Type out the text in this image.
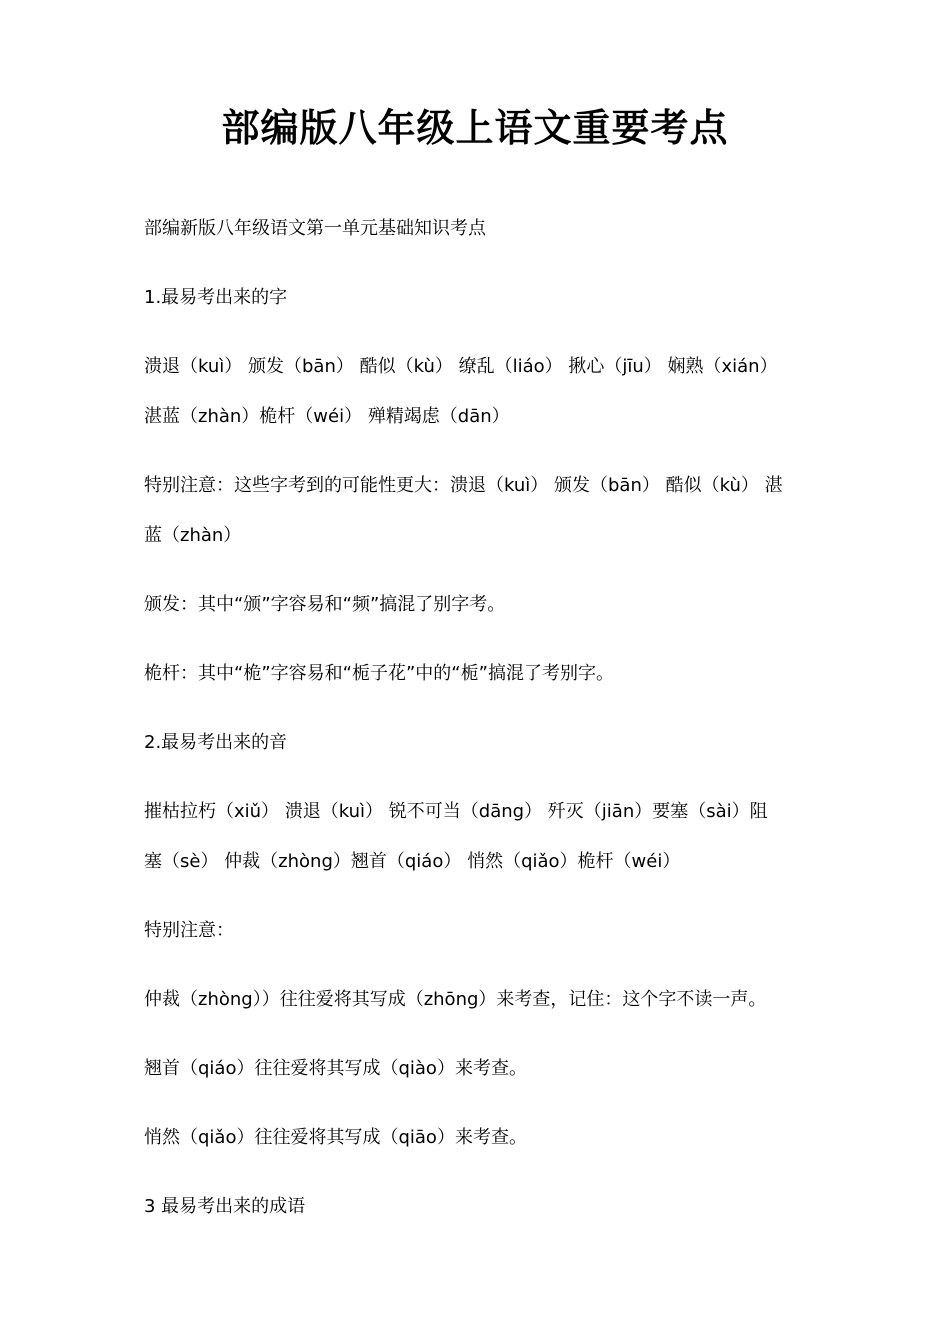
部编版八年级上语文重要考点
部编新版八年级语文第一单元基础知识考点
1.最易考出来的字
溃退（kuì） 颁发（bān） 酷似（kù） 缭乱（liáo） 揪心（jīu） 娴熟（xián）
湛蓝（zhàn）桅杆（wéi） 殚精竭虑（dān）
特别注意：这些字考到的可能性更大：溃退（kuì） 颁发（bān） 酷似（kù） 湛
蓝（zhàn）
颁发：其中“颁”字容易和“频”搞混了别字考。
桅杆：其中“桅”字容易和“栀子花”中的“栀”搞混了考别字。
2.最易考出来的音
摧枯拉朽（xiǔ） 溃退（kuì） 锐不可当（dāng） 歼灭（jiān）要塞（sài）阻
塞（sè） 仲裁（zhòng）翘首（qiáo） 悄然（qiǎo）桅杆（wéi）
特别注意：
仲裁（zhòng））往往爱将其写成（zhōng）来考查，记住：这个字不读一声。
翘首（qiáo）往往爱将其写成（qiào）来考查。
悄然（qiǎo）往往爱将其写成（qiāo）来考查。
3 最易考出来的成语
